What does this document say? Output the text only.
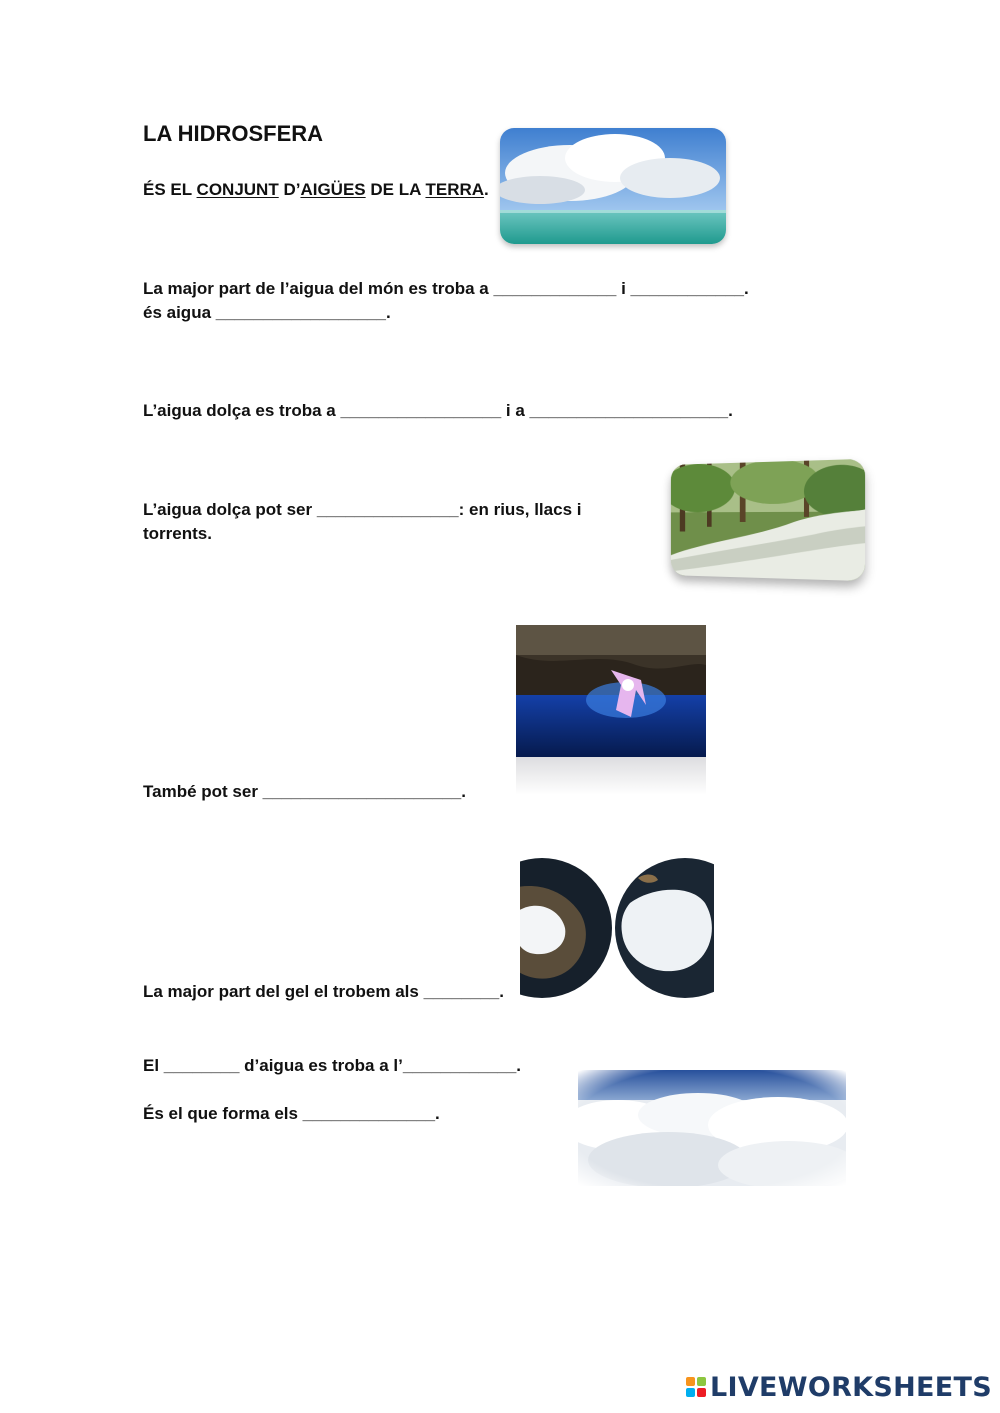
LA HIDROSFERA
ÉS EL CONJUNT D’AIGÜES DE LA TERRA.
La major part de l’aigua del món es troba a _____________ i ____________.
és aigua __________________.
L’aigua dolça es troba a _________________ i a _____________________.
L’aigua dolça pot ser _______________: en rius, llacs i
torrents.
També pot ser _____________________.
La major part del gel el trobem als ________.
El ________ d’aigua es troba a l’____________.
És el que forma els ______________.
LIVEWORKSHEETS
